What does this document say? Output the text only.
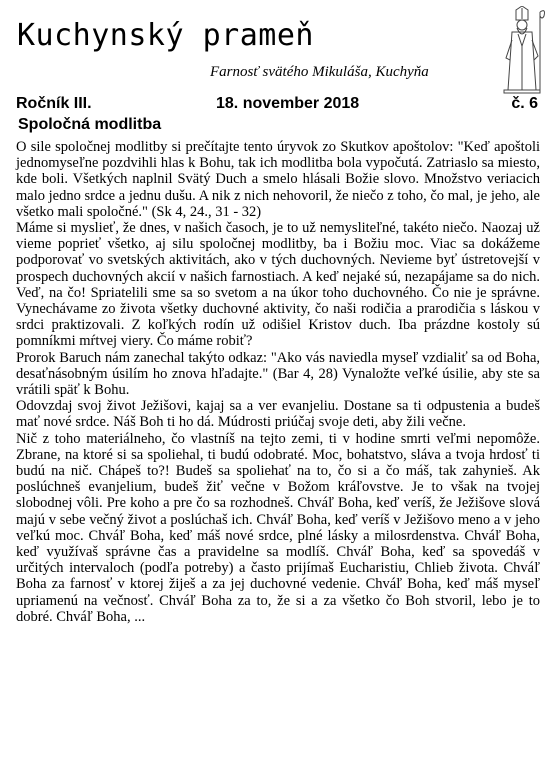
Kuchynský prameň
Farnosť svätého Mikuláša, Kuchyňa
Ročník III.	18. november 2018	č. 6
Spoločná modlitba

O sile spoločnej modlitby si prečítajte tento úryvok zo Skutkov apoštolov: "Keď apoštoli jednomyseľne pozdvihli hlas k Bohu, tak ich modlitba bola vypočutá. Zatriaslo sa miesto, kde boli. Všetkých naplnil Svätý Duch a smelo hlásali Božie slovo. Množstvo veriacich malo jedno srdce a jednu dušu. A nik z nich nehovoril, že niečo z toho, čo mal, je jeho, ale všetko mali spoločné." (Sk 4, 24., 31 - 32)

Máme si myslieť, že dnes, v našich časoch, je to už nemysliteľné, takéto niečo. Naozaj už vieme poprieť všetko, aj silu spoločnej modlitby, ba i Božiu moc. Viac sa dokážeme podporovať vo svetských aktivitách, ako v tých duchovných. Nevieme byť ústretovejší v prospech duchovných akcií v našich farnostiach. A keď nejaké sú, nezapájame sa do nich. Veď, na čo! Spriatelili sme sa so svetom a na úkor toho duchovného. Čo nie je správne. Vynechávame zo života všetky duchovné aktivity, čo naši rodičia a prarodičia s láskou v srdci praktizovali. Z koľkých rodín už odišiel Kristov duch. Iba prázdne kostoly sú pomníkmi mŕtvej viery. Čo máme robiť?

Prorok Baruch nám zanechal takýto odkaz: "Ako vás naviedla myseľ vzdialiť sa od Boha, desaťnásobným úsilím ho znova hľadajte." (Bar 4, 28) Vynaložte veľké úsilie, aby ste sa vrátili späť k Bohu.

Odovzdaj svoj život Ježišovi, kajaj sa a ver evanjeliu. Dostane sa ti odpustenia a budeš mať nové srdce. Náš Boh ti ho dá. Múdrosti priúčaj svoje deti, aby žili večne.

Nič z toho materiálneho, čo vlastníš na tejto zemi, ti v hodine smrti veľmi nepomôže. Zbrane, na ktoré si sa spoliehal, ti budú odobraté. Moc, bohatstvo, sláva a tvoja hrdosť ti budú na nič. Chápeš to?! Budeš sa spoliehať na to, čo si a čo máš, tak zahynieš. Ak poslúchneš evanjelium, budeš žiť večne v Božom kráľovstve. Je to však na tvojej slobodnej vôli. Pre koho a pre čo sa rozhodneš. Chváľ Boha, keď veríš, že Ježišove slová majú v sebe večný život a poslúchaš ich. Chváľ Boha, keď veríš v Ježišovo meno a v jeho veľkú moc. Chváľ Boha, keď máš nové srdce, plné lásky a milosrdenstva. Chváľ Boha, keď využívaš správne čas a pravidelne sa modlíš. Chváľ Boha, keď sa spovedáš v určitých intervaloch (podľa potreby) a často prijímaš Eucharistiu, Chlieb života. Chváľ Boha za farnosť v ktorej žiješ a za jej duchovné vedenie. Chváľ Boha, keď máš myseľ upriamenú na večnosť. Chváľ Boha za to, že si a za všetko čo Boh stvoril, lebo je to dobré. Chváľ Boha, ...
